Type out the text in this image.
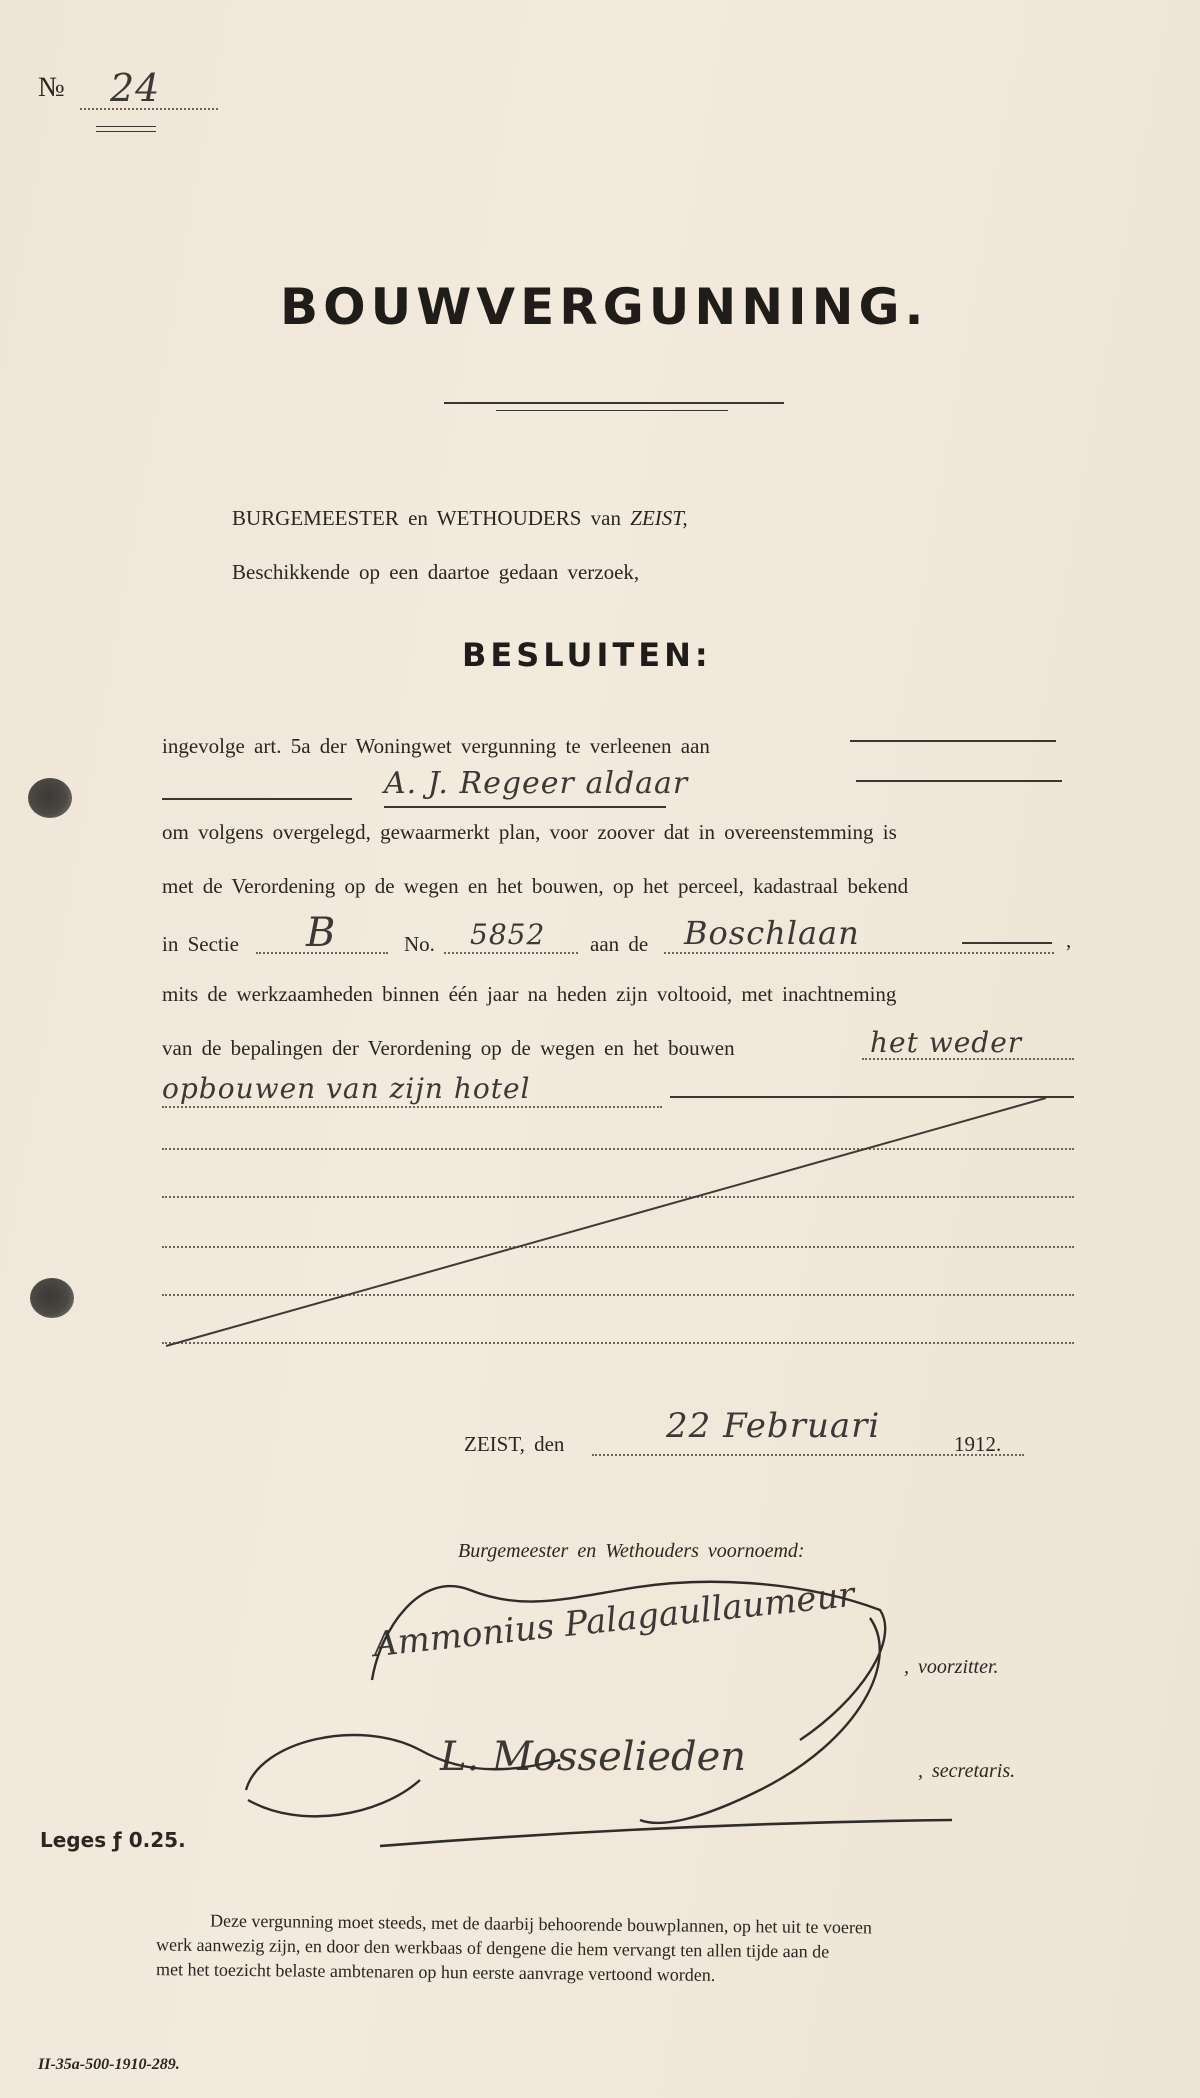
№ 24
BOUWVERGUNNING.
BURGEMEESTER en WETHOUDERS van ZEIST,
Beschikkende op een daartoe gedaan verzoek,
BESLUITEN:
ingevolge art. 5a der Woningwet vergunning te verleenen aan
A. J. Regeer aldaar
om volgens overgelegd, gewaarmerkt plan, voor zoover dat in overeenstemming is
met de Verordening op de wegen en het bouwen, op het perceel, kadastraal bekend
in Sectie B	No. 5852 aan de Boschlaan	,
mits de werkzaamheden binnen één jaar na heden zijn voltooid, met inachtneming
van de bepalingen der Verordening op de wegen en het bouwen	het weder
opbouwen van zijn hotel
ZEIST, den	22 Februari	1912.
Burgemeester en Wethouders voornoemd:
Ammonius Palagaullaumeur
, voorzitter.
L. Mosselieden	, secretaris.
Leges ƒ 0.25.
Deze vergunning moet steeds, met de daarbij behoorende bouwplannen, op het uit te voeren
werk aanwezig zijn, en door den werkbaas of dengene die hem vervangt ten allen tijde aan de
met het toezicht belaste ambtenaren op hun eerste aanvrage vertoond worden.
II-35a-500-1910-289.
